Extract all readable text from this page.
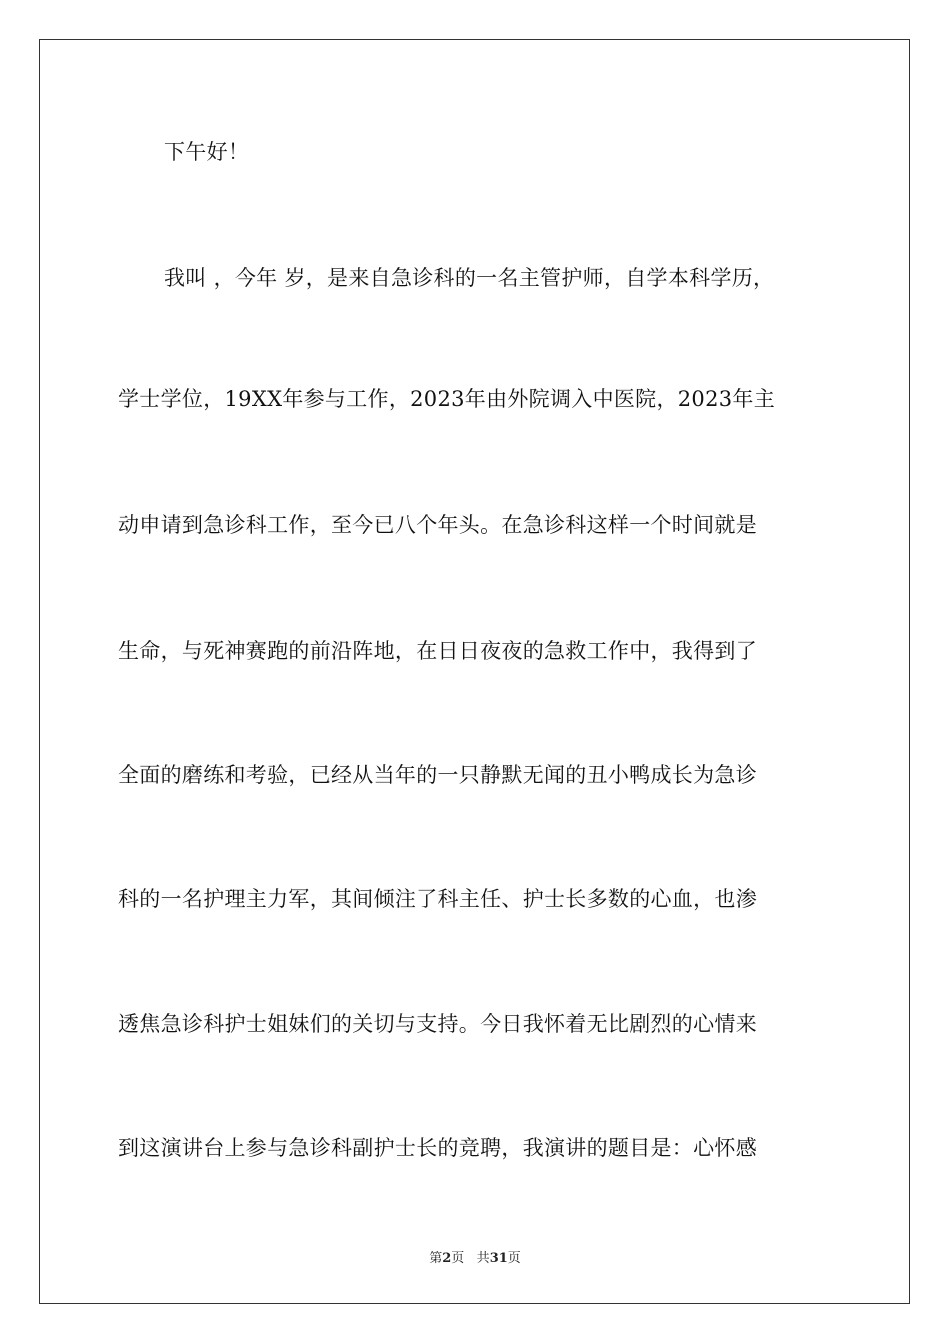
下午好！
我叫 ，今年 岁，是来自急诊科的一名主管护师，自学本科学历，
学士学位，19XX年参与工作，2023年由外院调入中医院，2023年主
动申请到急诊科工作，至今已八个年头。在急诊科这样一个时间就是
生命，与死神赛跑的前沿阵地，在日日夜夜的急救工作中，我得到了
全面的磨练和考验，已经从当年的一只静默无闻的丑小鸭成长为急诊
科的一名护理主力军，其间倾注了科主任、护士长多数的心血，也渗
透焦急诊科护士姐妹们的关切与支持。今日我怀着无比剧烈的心情来
到这演讲台上参与急诊科副护士长的竞聘，我演讲的题目是：心怀感
第2页 共31页
